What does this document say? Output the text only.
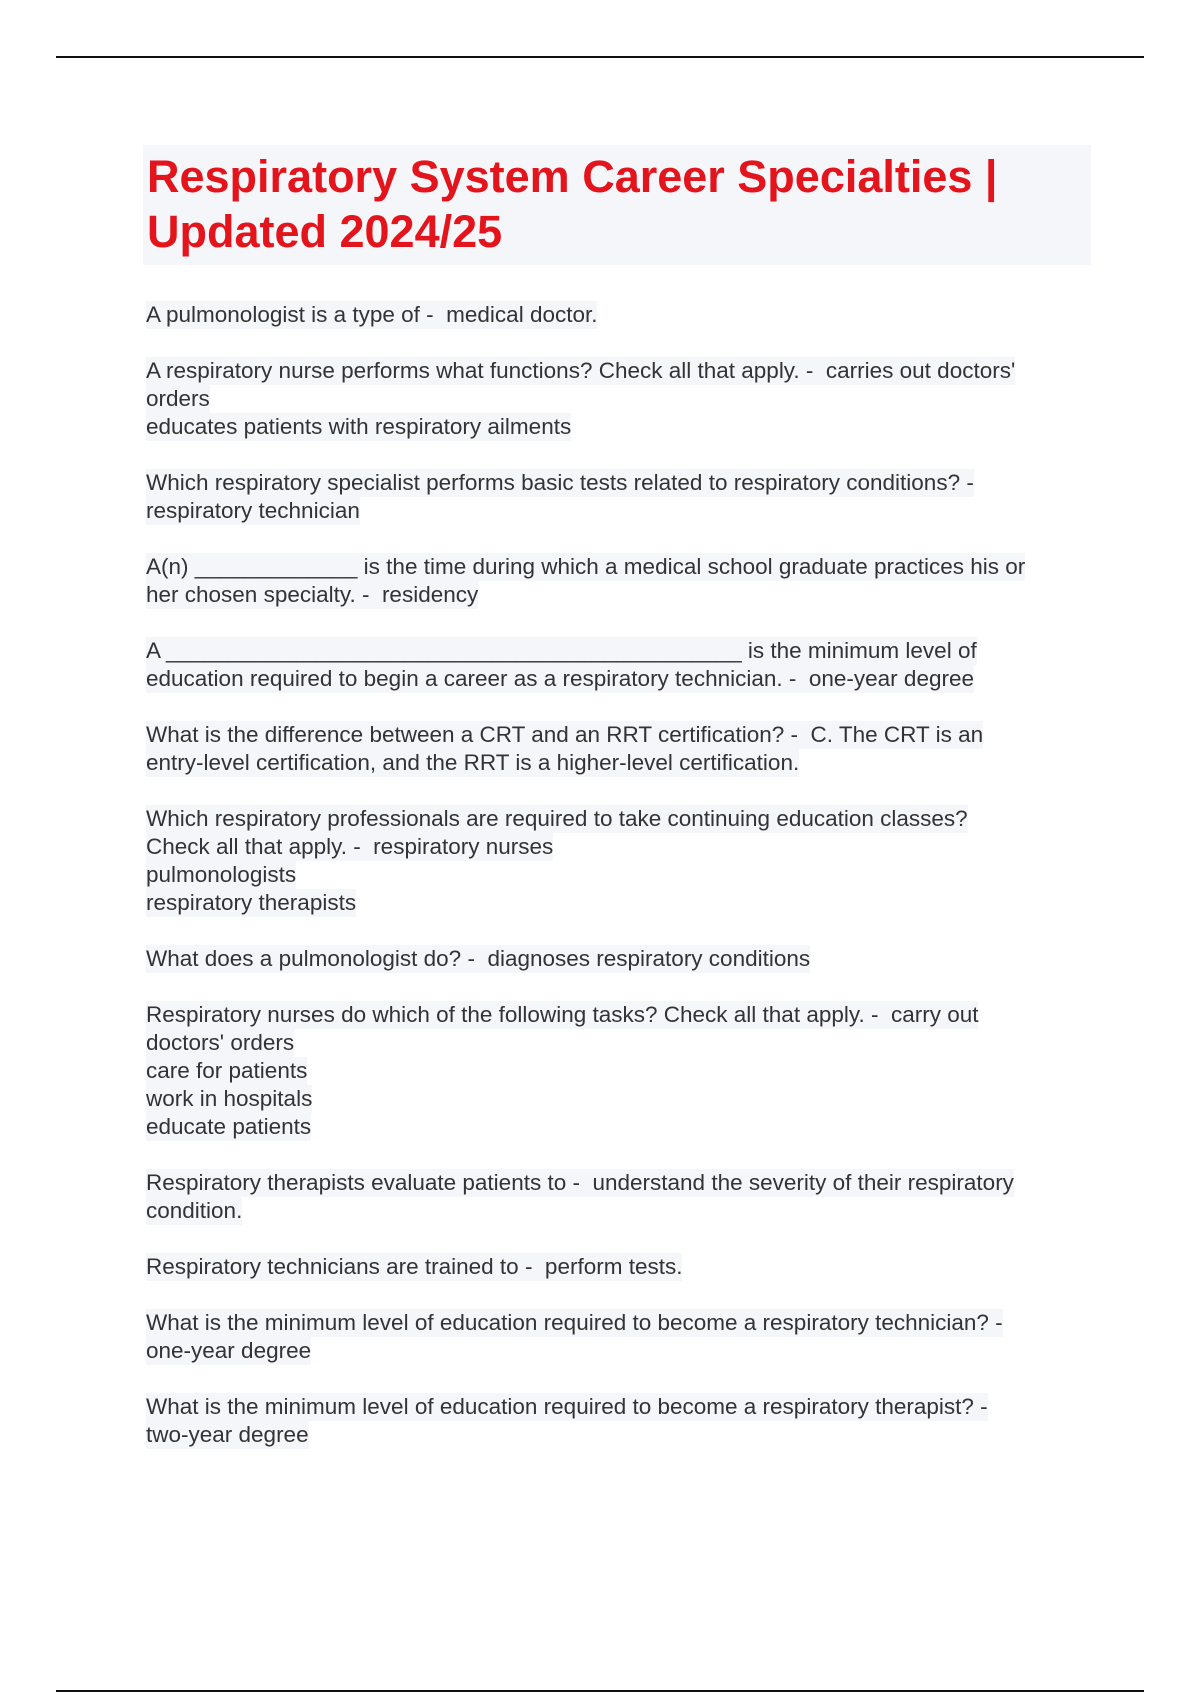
Respiratory System Career Specialties |
Updated 2024/25
A pulmonologist is a type of -  medical doctor.
A respiratory nurse performs what functions? Check all that apply. -  carries out doctors'
orders
educates patients with respiratory ailments
Which respiratory specialist performs basic tests related to respiratory conditions? -
respiratory technician
A(n) _____________ is the time during which a medical school graduate practices his or
her chosen specialty. -  residency
A ______________________________________________ is the minimum level of
education required to begin a career as a respiratory technician. -  one-year degree
What is the difference between a CRT and an RRT certification? -  C. The CRT is an
entry-level certification, and the RRT is a higher-level certification.
Which respiratory professionals are required to take continuing education classes?
Check all that apply. -  respiratory nurses
pulmonologists
respiratory therapists
What does a pulmonologist do? -  diagnoses respiratory conditions
Respiratory nurses do which of the following tasks? Check all that apply. -  carry out
doctors' orders
care for patients
work in hospitals
educate patients
Respiratory therapists evaluate patients to -  understand the severity of their respiratory
condition.
Respiratory technicians are trained to -  perform tests.
What is the minimum level of education required to become a respiratory technician? -
one-year degree
What is the minimum level of education required to become a respiratory therapist? -
two-year degree
